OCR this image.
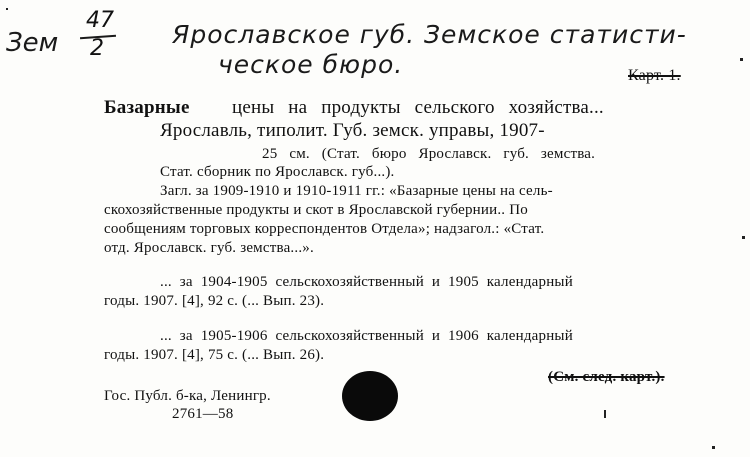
Зем
47
2	Ярославское губ. Земское статисти-
ческое бюро.	Карт. 1.
Базарные цены на продукты сельского хозяйства...
Ярославль, типолит. Губ. земск. управы, 1907-
25 см. (Стат. бюро Ярославск. губ. земства.
Стат. сборник по Ярославск. губ...).
Загл. за 1909-1910 и 1910-1911 гг.: «Базарные цены на сель-
скохозяйственные продукты и скот в Ярославской губернии.. По
сообщениям торговых корреспондентов Отдела»; надзагол.: «Стат.
отд. Ярославск. губ. земства...».
... за 1904-1905 сельскохозяйственный и 1905 календарный
годы. 1907. [4], 92 с. (... Вып. 23).
... за 1905-1906 сельскохозяйственный и 1906 календарный
годы. 1907. [4], 75 с. (... Вып. 26).
(См. след. карт.).
Гос. Публ. б-ка, Ленингр.
2761—58
